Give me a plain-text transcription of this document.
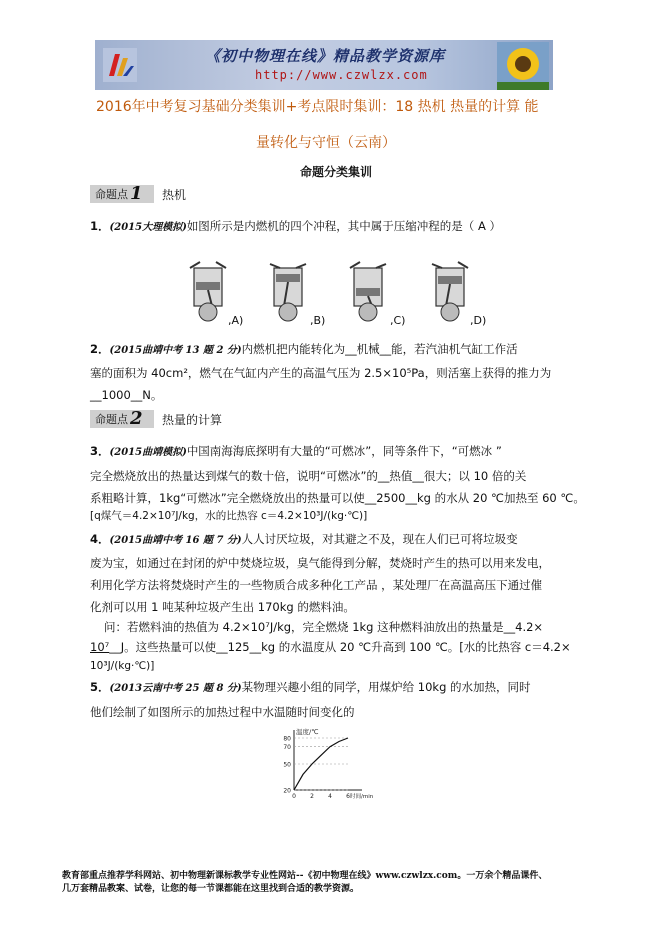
《初中物理在线》精品教学资源库
http://www.czwlzx.com
2016年中考复习基础分类集训+考点限时集训：18 热机 热量的计算 能
量转化与守恒（云南）
命题分类集训
命题点 1 热机
1．(2015大理模拟)如图所示是内燃机的四个冲程，其中属于压缩冲程的是（ A ）
,A)	,B)	,C)	,D)
2．(2015曲靖中考 13 题 2 分)内燃机把内能转化为__机械__能，若汽油机气缸工作活
塞的面积为 40cm²，燃气在气缸内产生的高温气压为 2.5×10⁵Pa，则活塞上获得的推力为
__1000__N。
命题点 2 热量的计算
3．(2015曲靖模拟)中国南海海底探明有大量的“可燃冰”，同等条件下，“可燃冰 ”
完全燃烧放出的热量达到煤气的数十倍，说明“可燃冰”的__热值__很大；以 10 倍的关
系粗略计算，1kg“可燃冰”完全燃烧放出的热量可以使__2500__kg 的水从 20 ℃加热至 60 ℃。
[q煤气＝4.2×10⁷J/kg，水的比热容 c＝4.2×10³J/(kg·℃)]
4．(2015曲靖中考 16 题 7 分)人人讨厌垃圾，对其避之不及，现在人们已可将垃圾变
废为宝，如通过在封闭的炉中焚烧垃圾，臭气能得到分解，焚烧时产生的热可以用来发电，
利用化学方法将焚烧时产生的一些物质合成多种化工产品 ，某处理厂在高温高压下通过催
化剂可以用 1 吨某种垃圾产生出 170kg 的燃料油。
问：若燃料油的热值为 4.2×10⁷J/kg，完全燃烧 1kg 这种燃料油放出的热量是__4.2×
10⁷__J。这些热量可以使__125__kg 的水温度从 20 ℃升高到 100 ℃。[水的比热容 c＝4.2×
10³J/(kg·℃)]
5．(2013云南中考 25 题 8 分)某物理兴趣小组的同学，用煤炉给 10kg 的水加热，同时
他们绘制了如图所示的加热过程中水温随时间变化的
20
50
70
80
0 2 4 6
温度/℃
时间/min
教育部重点推荐学科网站、初中物理新课标教学专业性网站--《初中物理在线》www.czwlzx.com。一万余个精品课件、
几万套精品教案、试卷，让您的每一节课都能在这里找到合适的教学资源。
